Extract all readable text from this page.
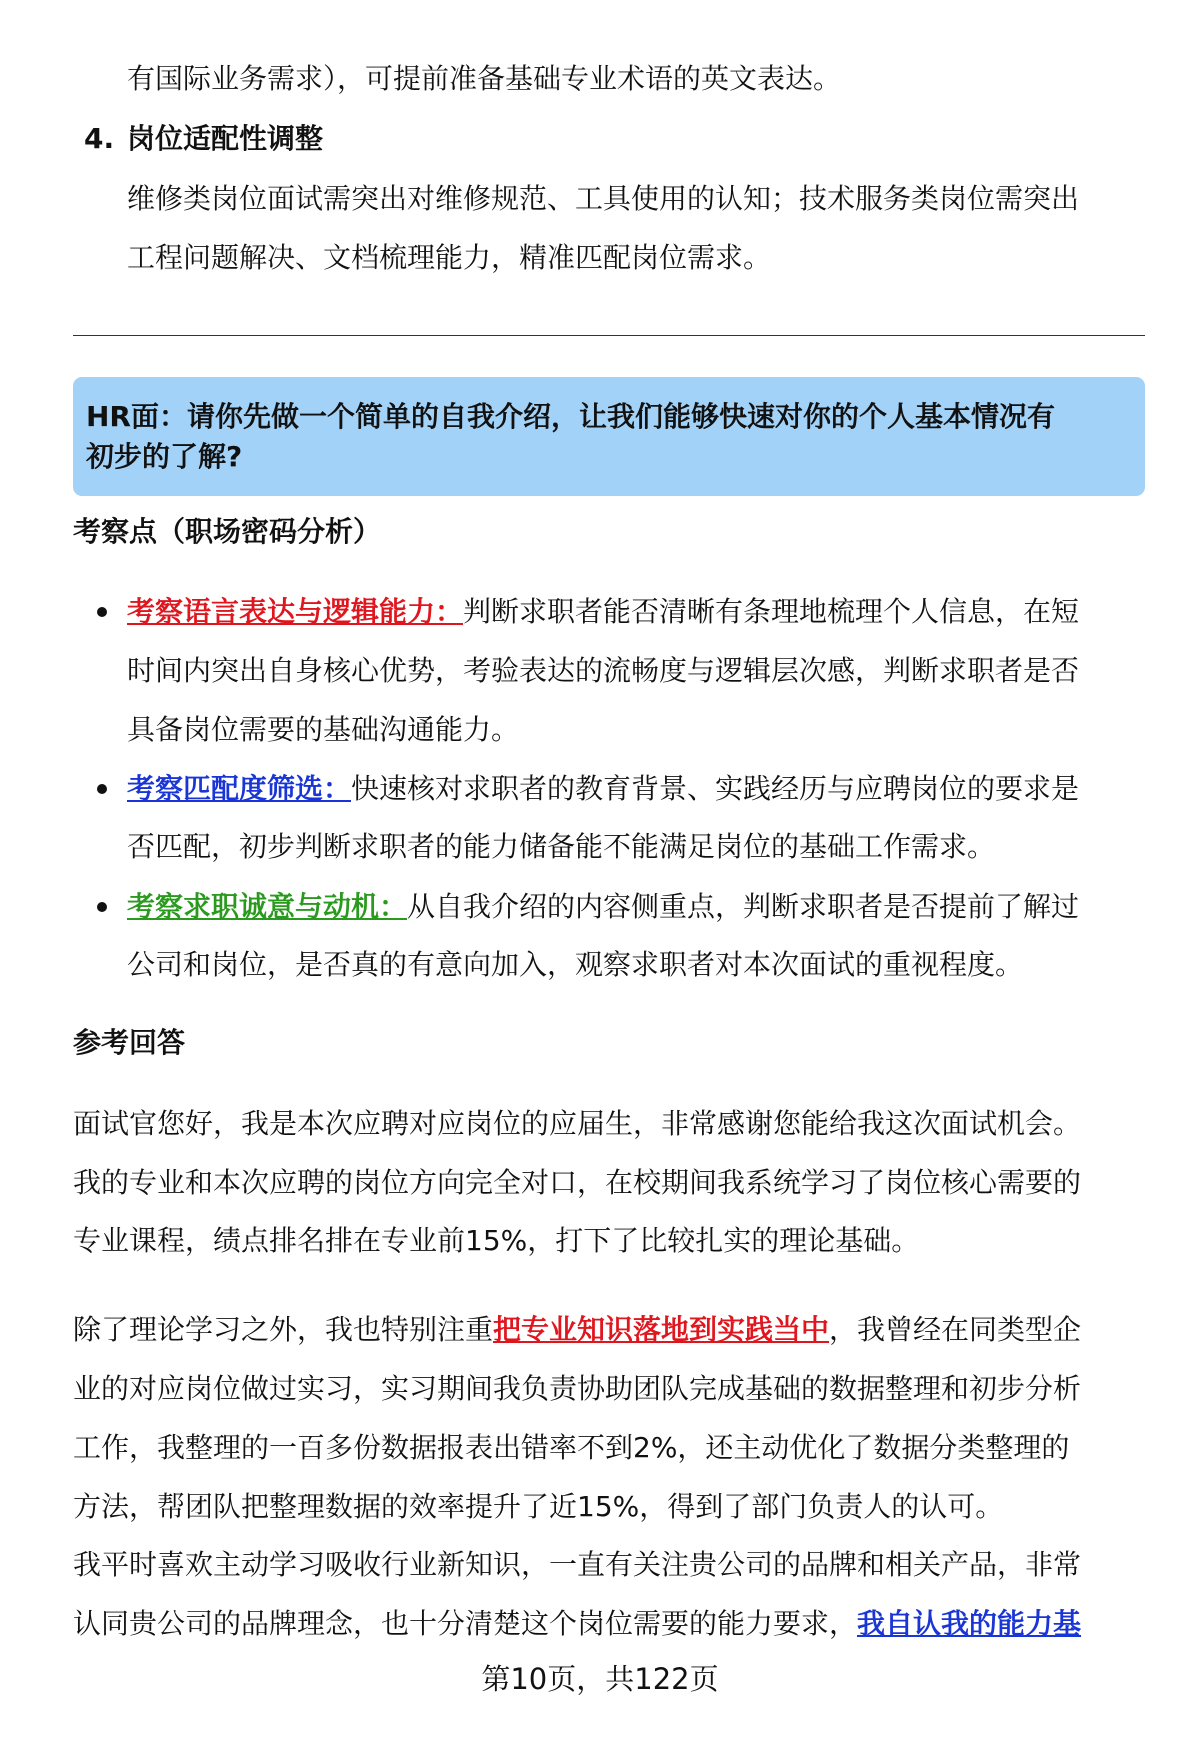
有国际业务需求），可提前准备基础专业术语的英文表达。
4. 岗位适配性调整
维修类岗位面试需突出对维修规范、工具使用的认知；技术服务类岗位需突出
工程问题解决、文档梳理能力，精准匹配岗位需求。
HR面：请你先做一个简单的自我介绍，让我们能够快速对你的个人基本情况有
初步的了解?
考察点（职场密码分析）
考察语言表达与逻辑能力：判断求职者能否清晰有条理地梳理个人信息，在短
时间内突出自身核心优势，考验表达的流畅度与逻辑层次感，判断求职者是否
具备岗位需要的基础沟通能力。
考察匹配度筛选：快速核对求职者的教育背景、实践经历与应聘岗位的要求是
否匹配，初步判断求职者的能力储备能不能满足岗位的基础工作需求。
考察求职诚意与动机：从自我介绍的内容侧重点，判断求职者是否提前了解过
公司和岗位，是否真的有意向加入，观察求职者对本次面试的重视程度。
参考回答
面试官您好，我是本次应聘对应岗位的应届生，非常感谢您能给我这次面试机会。
我的专业和本次应聘的岗位方向完全对口，在校期间我系统学习了岗位核心需要的
专业课程，绩点排名排在专业前15%，打下了比较扎实的理论基础。
除了理论学习之外，我也特别注重把专业知识落地到实践当中，我曾经在同类型企
业的对应岗位做过实习，实习期间我负责协助团队完成基础的数据整理和初步分析
工作，我整理的一百多份数据报表出错率不到2%，还主动优化了数据分类整理的
方法，帮团队把整理数据的效率提升了近15%，得到了部门负责人的认可。
我平时喜欢主动学习吸收行业新知识，一直有关注贵公司的品牌和相关产品，非常
认同贵公司的品牌理念，也十分清楚这个岗位需要的能力要求，我自认我的能力基
第10页，共122页
